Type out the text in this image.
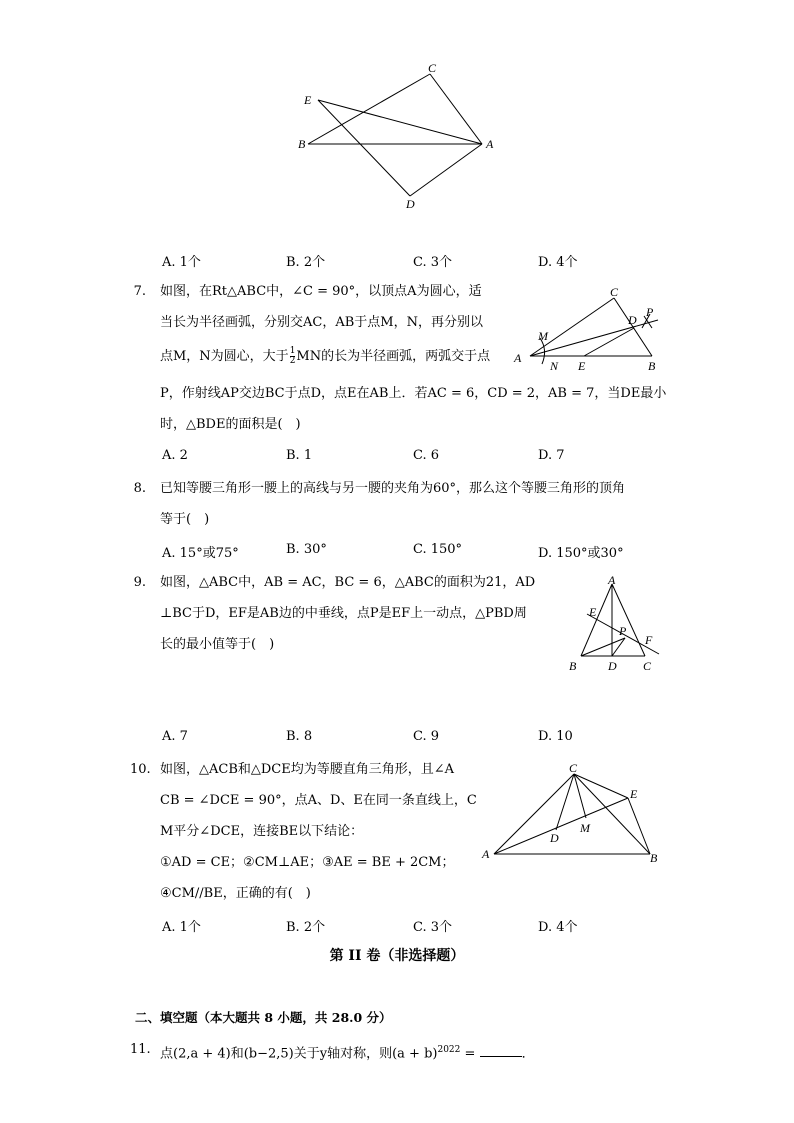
C
E
B	A
D
A. 1个	B. 2个	C. 3个	D. 4个
7. 如图，在Rt△ABC中，∠C = 90°，以顶点A为圆心，适
当长为半径画弧，分别交AC，AB于点M，N，再分别以
点M，N为圆心，大于 $\frac{1}{2}$ MN的长为半径画弧，两弧交于点
P，作射线AP交边BC于点D，点E在AB上．若AC = 6，CD = 2，AB = 7，当DE最小
时，△BDE的面积是(　)
C
P
M
D
A
N E	B
A. 2	B. 1	C. 6	D. 7
8. 已知等腰三角形一腰上的高线与另一腰的夹角为60°，那么这个等腰三角形的顶角
等于(　)
A. 15°或75°	B. 30°	C. 150°	D. 150°或30°
9. 如图，△ABC中，AB = AC，BC = 6，△ABC的面积为21，AD
⊥BC于D，EF是AB边的中垂线，点P是EF上一动点，△PBD周
长的最小值等于(　)
A
E
P
F
B	D C
A. 7	B. 8	C. 9	D. 10
10. 如图，△ACB和△DCE均为等腰直角三角形，且∠A
CB = ∠DCE = 90°，点A、D、E在同一条直线上，C
M平分∠DCE，连接BE以下结论：
①AD = CE；②CM⊥AE；③AE = BE + 2CM；
④CM//BE，正确的有(　)
C
E
M
D
A	B
A. 1个	B. 2个	C. 3个	D. 4个
第 II 卷（非选择题）
二、填空题（本大题共 8 小题，共 28.0 分）
11. 点(2,a + 4)和(b−2,5)关于y轴对称，则$(a + b)^{2022}$ =	．
